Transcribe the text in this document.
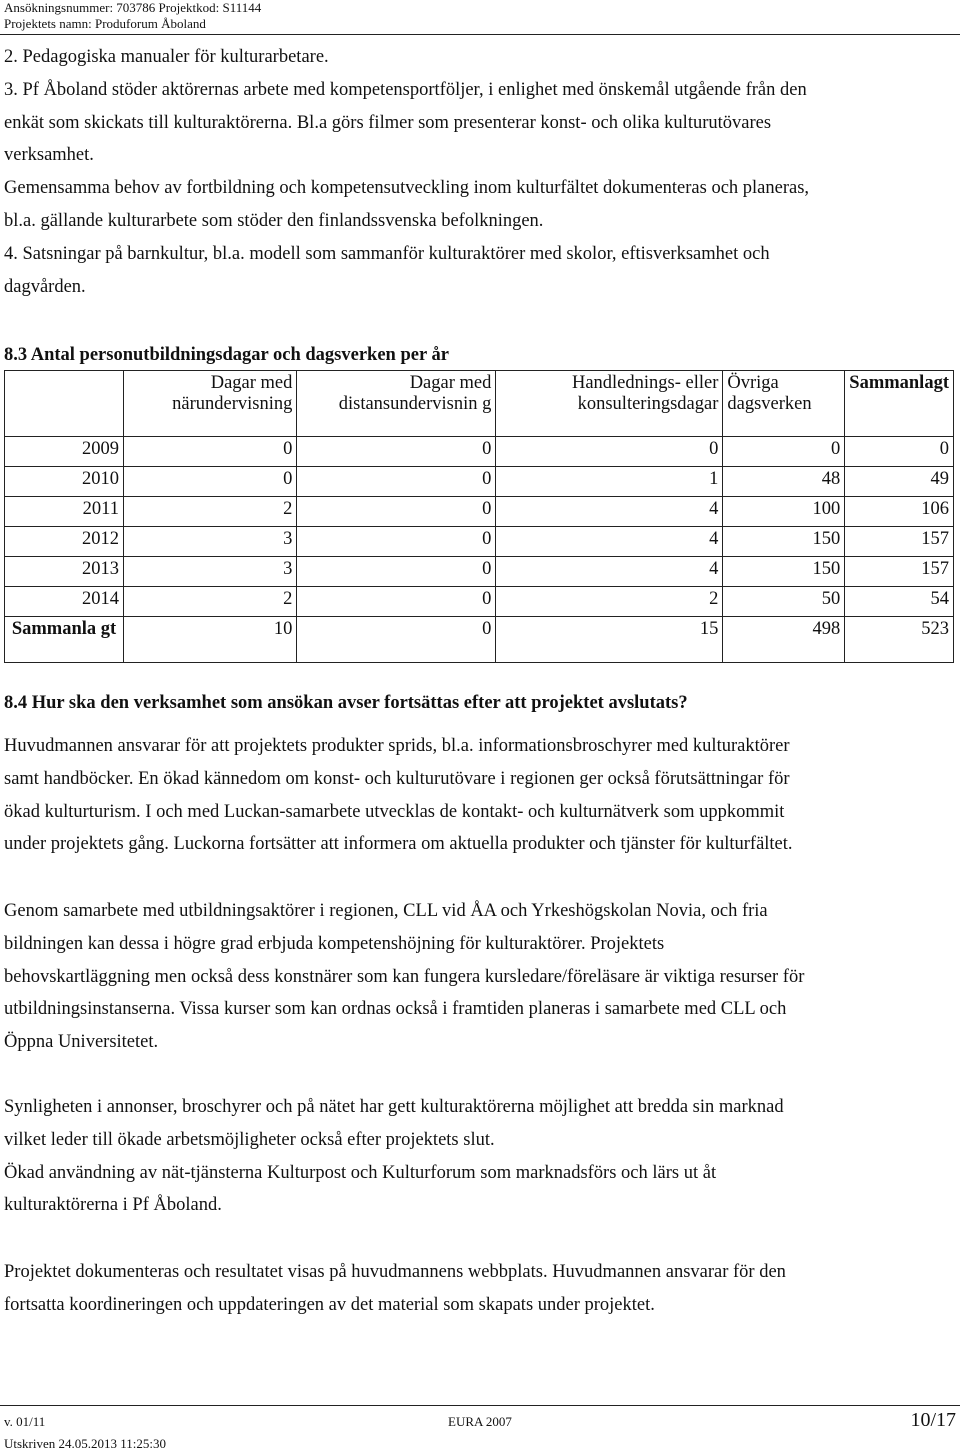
Ansökningsnummer: 703786 Projektkod: S11144
Projektets namn: Produforum Åboland
2. Pedagogiska manualer för kulturarbetare.
3. Pf Åboland stöder aktörernas arbete med kompetensportföljer, i enlighet med önskemål utgående från den
enkät som skickats till kulturaktörerna. Bl.a görs filmer som presenterar konst- och olika kulturutövares
verksamhet.
Gemensamma behov av fortbildning och kompetensutveckling inom kulturfältet dokumenteras och planeras,
bl.a. gällande kulturarbete som stöder den finlandssvenska befolkningen.
4. Satsningar på barnkultur, bl.a. modell som sammanför kulturaktörer med skolor, eftisverksamhet och
dagvården.
8.3 Antal personutbildningsdagar och dagsverken per år
	Dagar med närundervisning	Dagar med distansundervisnin g	Handlednings- eller konsulteringsdagar	Övriga dagsverken	Sammanlagt
2009	0	0	0	0	0
2010	0	0	1	48	49
2011	2	0	4	100	106
2012	3	0	4	150	157
2013	3	0	4	150	157
2014	2	0	2	50	54
Sammanla gt	10	0	15	498	523
8.4 Hur ska den verksamhet som ansökan avser fortsättas efter att projektet avslutats?
Huvudmannen ansvarar för att projektets produkter sprids, bl.a. informationsbroschyrer med kulturaktörer
samt handböcker. En ökad kännedom om konst- och kulturutövare i regionen ger också förutsättningar för
ökad kulturturism. I och med Luckan-samarbete utvecklas de kontakt- och kulturnätverk som uppkommit
under projektets gång. Luckorna fortsätter att informera om aktuella produkter och tjänster för kulturfältet.
Genom samarbete med utbildningsaktörer i regionen, CLL vid ÅA och Yrkeshögskolan Novia, och fria
bildningen kan dessa i högre grad erbjuda kompetenshöjning för kulturaktörer. Projektets
behovskartläggning men också dess konstnärer som kan fungera kursledare/föreläsare är viktiga resurser för
utbildningsinstanserna. Vissa kurser som kan ordnas också i framtiden planeras i samarbete med CLL och
Öppna Universitetet.
Synligheten i annonser, broschyrer och på nätet har gett kulturaktörerna möjlighet att bredda sin marknad
vilket leder till ökade arbetsmöjligheter också efter projektets slut.
Ökad användning av nät-tjänsterna Kulturpost och Kulturforum som marknadsförs och lärs ut åt
kulturaktörerna i Pf Åboland.
Projektet dokumenteras och resultatet visas på huvudmannens webbplats. Huvudmannen ansvarar för den
fortsatta koordineringen och uppdateringen av det material som skapats under projektet.
v. 01/11	EURA 2007	10/17
Utskriven 24.05.2013 11:25:30
